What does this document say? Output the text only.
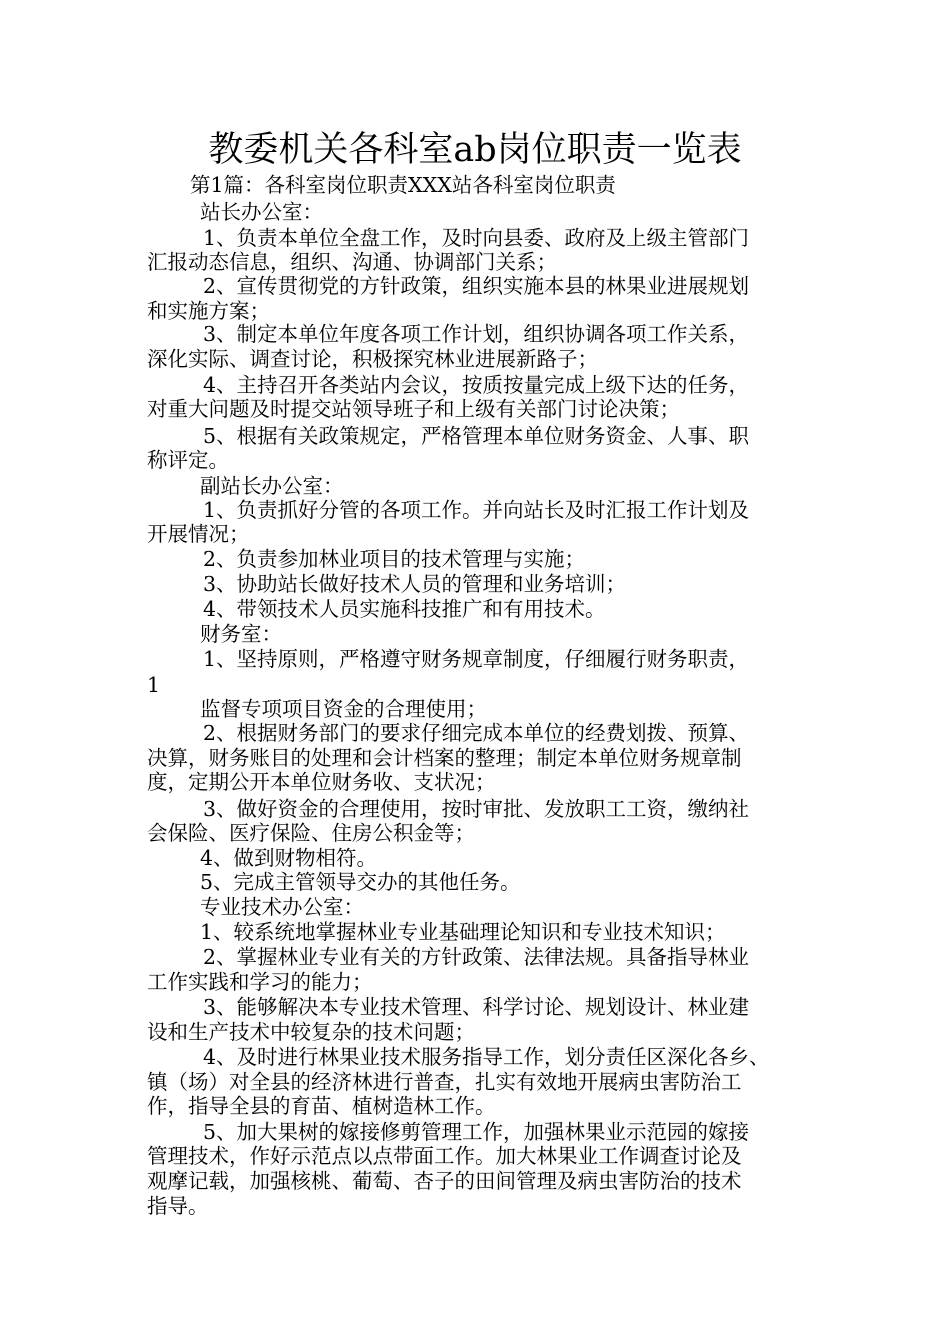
教委机关各科室ab岗位职责一览表
第1篇：各科室岗位职责XXX站各科室岗位职责
站长办公室：
1、负责本单位全盘工作，及时向县委、政府及上级主管部门
汇报动态信息，组织、沟通、协调部门关系；
2、宣传贯彻党的方针政策，组织实施本县的林果业进展规划
和实施方案；
3、制定本单位年度各项工作计划，组织协调各项工作关系，
深化实际、调查讨论，积极探究林业进展新路子；
4、主持召开各类站内会议，按质按量完成上级下达的任务，
对重大问题及时提交站领导班子和上级有关部门讨论决策；
5、根据有关政策规定，严格管理本单位财务资金、人事、职
称评定。
副站长办公室：
1、负责抓好分管的各项工作。并向站长及时汇报工作计划及
开展情况；
2、负责参加林业项目的技术管理与实施；
3、协助站长做好技术人员的管理和业务培训；
4、带领技术人员实施科技推广和有用技术。
财务室：
1、坚持原则，严格遵守财务规章制度，仔细履行财务职责，
1
监督专项项目资金的合理使用；
2、根据财务部门的要求仔细完成本单位的经费划拨、预算、
决算，财务账目的处理和会计档案的整理；制定本单位财务规章制
度，定期公开本单位财务收、支状况；
3、做好资金的合理使用，按时审批、发放职工工资，缴纳社
会保险、医疗保险、住房公积金等；
4、做到财物相符。
5、完成主管领导交办的其他任务。
专业技术办公室：
1、较系统地掌握林业专业基础理论知识和专业技术知识；
2、掌握林业专业有关的方针政策、法律法规。具备指导林业
工作实践和学习的能力；
3、能够解决本专业技术管理、科学讨论、规划设计、林业建
设和生产技术中较复杂的技术问题；
4、及时进行林果业技术服务指导工作，划分责任区深化各乡、
镇（场）对全县的经济林进行普查，扎实有效地开展病虫害防治工
作，指导全县的育苗、植树造林工作。
5、加大果树的嫁接修剪管理工作，加强林果业示范园的嫁接
管理技术，作好示范点以点带面工作。加大林果业工作调查讨论及
观摩记载，加强核桃、葡萄、杏子的田间管理及病虫害防治的技术
指导。
